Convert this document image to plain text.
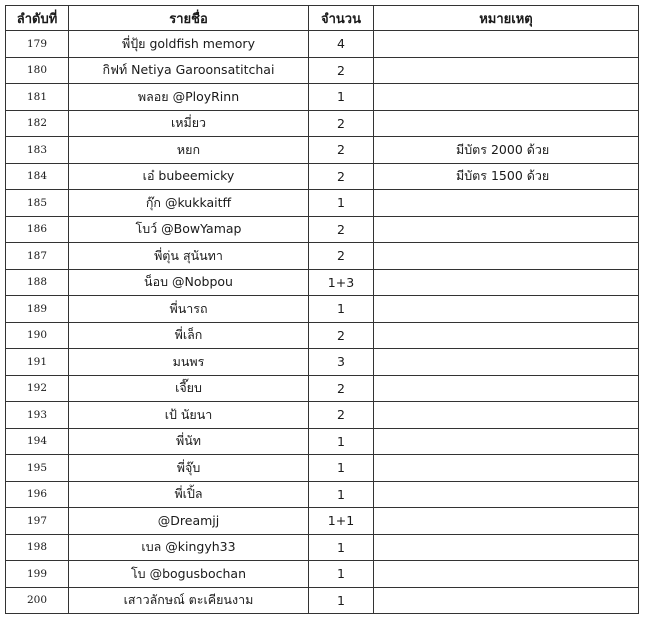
ลำดับที่	รายชื่อ	จำนวน	หมายเหตุ
179	พี่ปุ้ย goldfish memory	4	
180	กิฟท์ Netiya Garoonsatitchai	2	
181	พลอย @PloyRinn	1	
182	เหมี่ยว	2	
183	หยก	2	มีบัตร 2000 ด้วย
184	เอ๋ bubeemicky	2	มีบัตร 1500 ด้วย
185	กุ๊ก @kukkaitff	1	
186	โบว์ @BowYamap	2	
187	พี่ตุ่น สุนันทา	2	
188	น็อบ @Nobpou	1+3	
189	พี่นารถ	1	
190	พี่เล็ก	2	
191	มนพร	3	
192	เจี๊ยบ	2	
193	เป้ นัยนา	2	
194	พี่นัท	1	
195	พี่จุ๊บ	1	
196	พี่เปิ้ล	1	
197	@Dreamjj	1+1	
198	เบล @kingyh33	1	
199	โบ @bogusbochan	1	
200	เสาวลักษณ์ ตะเคียนงาม	1	
